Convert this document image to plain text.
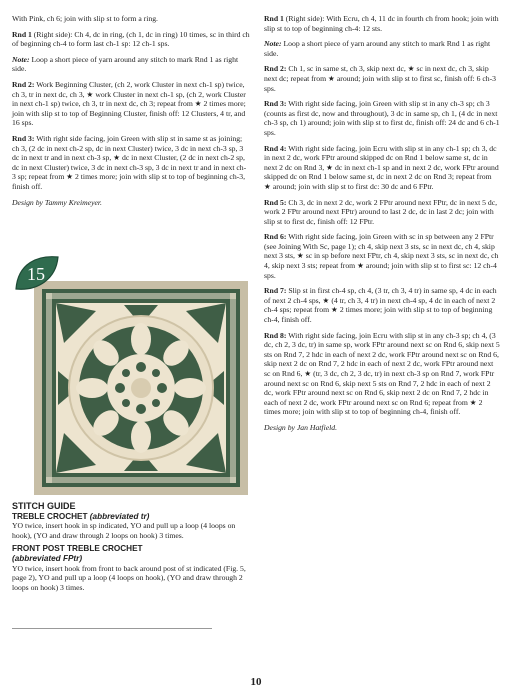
With Pink, ch 6; join with slip st to form a ring.

Rnd 1 (Right side): Ch 4, dc in ring, (ch 1, dc in ring) 10 times, sc in third ch of beginning ch-4 to form last ch-1 sp: 12 ch-1 sps.

Note: Loop a short piece of yarn around any stitch to mark Rnd 1 as right side.

Rnd 2: Work Beginning Cluster, (ch 2, work Cluster in next ch-1 sp) twice, ch 3, tr in next dc, ch 3, ★ work Cluster in next ch-1 sp, (ch 2, work Cluster in next ch-1 sp) twice, ch 3, tr in next dc, ch 3; repeat from ★ 2 times more; join with slip st to top of Beginning Cluster, finish off: 12 Clusters, 4 tr, and 16 sps.

Rnd 3: With right side facing, join Green with slip st in same st as joining; ch 3, (2 dc in next ch-2 sp, dc in next Cluster) twice, 3 dc in next ch-3 sp, 3 dc in next tr and in next ch-3 sp, ★ dc in next Cluster, (2 dc in next ch-2 sp, dc in next Cluster) twice, 3 dc in next ch-3 sp, 3 dc in next tr and in next ch-3 sp; repeat from ★ 2 times more; join with slip st to top of beginning ch-3, finish off.

Design by Tammy Kreimeyer.

15

STITCH GUIDE

TREBLE CROCHET (abbreviated tr)

YO twice, insert hook in sp indicated, YO and pull up a loop (4 loops on hook), (YO and draw through 2 loops on hook) 3 times.

FRONT POST TREBLE CROCHET

(abbreviated FPtr)

YO twice, insert hook from front to back around post of st indicated (Fig. 5, page 2), YO and pull up a loop (4 loops on hook), (YO and draw through 2 loops on hook) 3 times.

Rnd 1 (Right side): With Ecru, ch 4, 11 dc in fourth ch from hook; join with slip st to top of beginning ch-4: 12 sts.

Note: Loop a short piece of yarn around any stitch to mark Rnd 1 as right side.

Rnd 2: Ch 1, sc in same st, ch 3, skip next dc, ★ sc in next dc, ch 3, skip next dc; repeat from ★ around; join with slip st to first sc, finish off: 6 ch-3 sps.

Rnd 3: With right side facing, join Green with slip st in any ch-3 sp; ch 3 (counts as first dc, now and throughout), 3 dc in same sp, ch 1, (4 dc in next ch-3 sp, ch 1) around; join with slip st to first dc, finish off: 24 dc and 6 ch-1 sps.

Rnd 4: With right side facing, join Ecru with slip st in any ch-1 sp; ch 3, dc in next 2 dc, work FPtr around skipped dc on Rnd 1 below same st, dc in next 2 dc on Rnd 3, ★ dc in next ch-1 sp and in next 2 dc, work FPtr around skipped dc on Rnd 1 below same st, dc in next 2 dc on Rnd 3; repeat from ★ around; join with slip st to first dc: 30 dc and 6 FPtr.

Rnd 5: Ch 3, dc in next 2 dc, work 2 FPtr around next FPtr, dc in next 5 dc, work 2 FPtr around next FPtr) around to last 2 dc, dc in last 2 dc; join with slip st to first dc, finish off: 12 FPtr.

Rnd 6: With right side facing, join Green with sc in sp between any 2 FPtr (see Joining With Sc, page 1); ch 4, skip next 3 sts, sc in next dc, ch 4, skip next 3 sts, ★ sc in sp before next FPtr, ch 4, skip next 3 sts, sc in next dc, ch 4, skip next 3 sts; repeat from ★ around; join with slip st to first sc: 12 ch-4 sps.

Rnd 7: Slip st in first ch-4 sp, ch 4, (3 tr, ch 3, 4 tr) in same sp, 4 dc in each of next 2 ch-4 sps, ★ (4 tr, ch 3, 4 tr) in next ch-4 sp, 4 dc in each of next 2 ch-4 sps; repeat from ★ 2 times more; join with slip st to top of beginning ch-4, finish off.

Rnd 8: With right side facing, join Ecru with slip st in any ch-3 sp; ch 4, (3 dc, ch 2, 3 dc, tr) in same sp, work FPtr around next sc on Rnd 6, skip next 5 sts on Rnd 7, 2 hdc in each of next 2 dc, work FPtr around next sc on Rnd 6, skip next 2 dc on Rnd 7, 2 hdc in each of next 2 dc, work FPtr around next sc on Rnd 6, ★ (tr, 3 dc, ch 2, 3 dc, tr) in next ch-3 sp on Rnd 7, work FPtr around next sc on Rnd 6, skip next 5 sts on Rnd 7, 2 hdc in each of next 2 dc, work FPtr around next sc on Rnd 6, skip next 2 dc on Rnd 7, 2 hdc in each of next 2 dc, work FPtr around next sc on Rnd 6; repeat from ★ 2 times more; join with slip st to top of beginning ch-4, finish off.

Design by Jan Hatfield.

10
